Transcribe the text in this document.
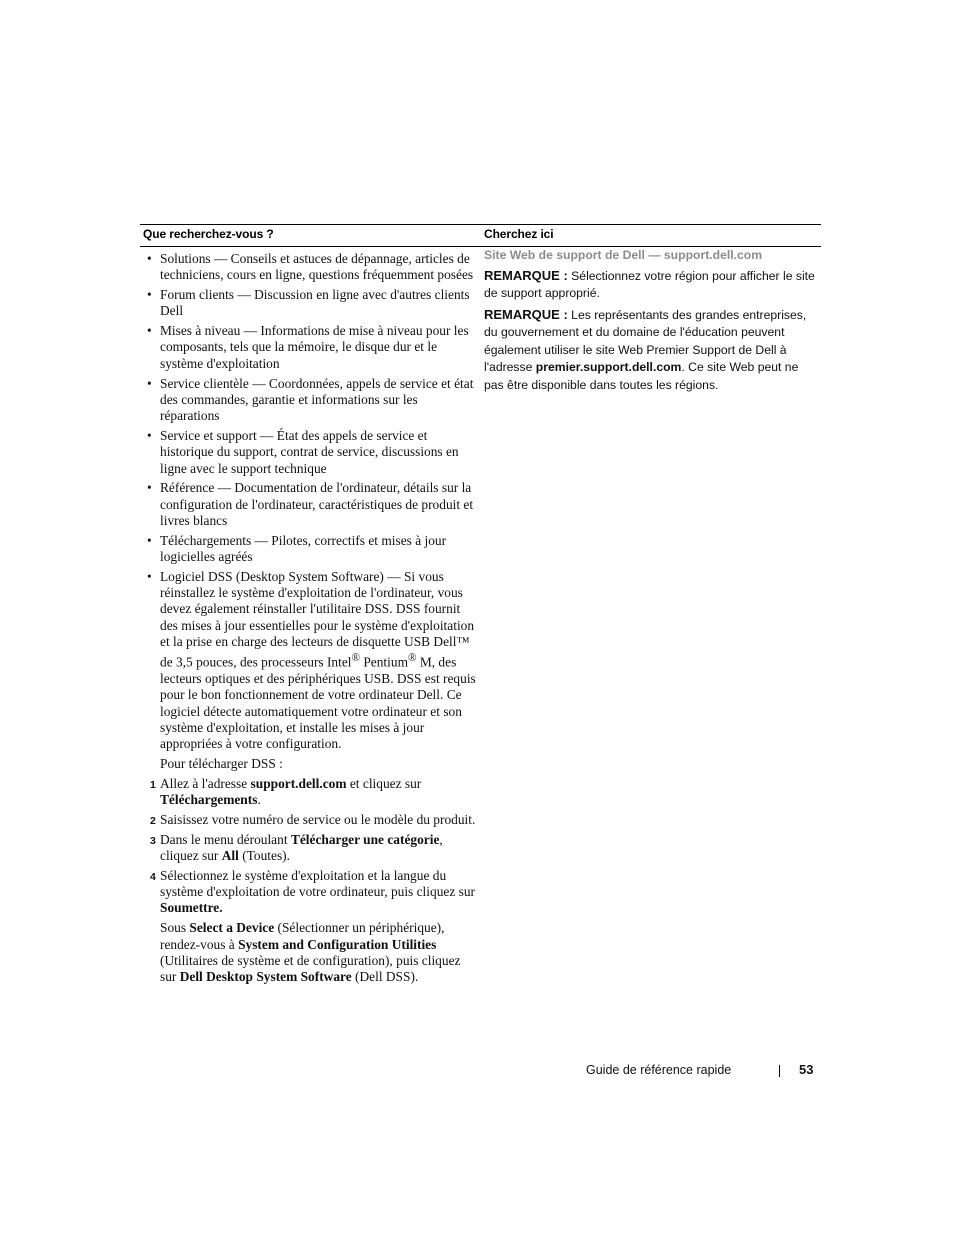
Que recherchez-vous ?	Cherchez ici
• Solutions — Conseils et astuces de dépannage, articles de techniciens, cours en ligne, questions fréquemment posées
• Forum clients — Discussion en ligne avec d'autres clients Dell
• Mises à niveau — Informations de mise à niveau pour les composants, tels que la mémoire, le disque dur et le système d'exploitation
• Service clientèle — Coordonnées, appels de service et état des commandes, garantie et informations sur les réparations
• Service et support — État des appels de service et historique du support, contrat de service, discussions en ligne avec le support technique
• Référence — Documentation de l'ordinateur, détails sur la configuration de l'ordinateur, caractéristiques de produit et livres blancs
• Téléchargements — Pilotes, correctifs et mises à jour logicielles agréés
• Logiciel DSS (Desktop System Software) — Si vous réinstallez le système d'exploitation de l'ordinateur, vous devez également réinstaller l'utilitaire DSS. DSS fournit des mises à jour essentielles pour le système d'exploitation et la prise en charge des lecteurs de disquette USB Dell™ de 3,5 pouces, des processeurs Intel® Pentium® M, des lecteurs optiques et des périphériques USB. DSS est requis pour le bon fonctionnement de votre ordinateur Dell. Ce logiciel détecte automatiquement votre ordinateur et son système d'exploitation, et installe les mises à jour appropriées à votre configuration.

Pour télécharger DSS :

1 Allez à l'adresse support.dell.com et cliquez sur Téléchargements.
2 Saisissez votre numéro de service ou le modèle du produit.
3 Dans le menu déroulant Télécharger une catégorie, cliquez sur All (Toutes).
4 Sélectionnez le système d'exploitation et la langue du système d'exploitation de votre ordinateur, puis cliquez sur Soumettre.

Sous Select a Device (Sélectionner un périphérique), rendez-vous à System and Configuration Utilities (Utilitaires de système et de configuration), puis cliquez sur Dell Desktop System Software (Dell DSS).

Site Web de support de Dell — support.dell.com

REMARQUE : Sélectionnez votre région pour afficher le site de support approprié.

REMARQUE : Les représentants des grandes entreprises, du gouvernement et du domaine de l'éducation peuvent également utiliser le site Web Premier Support de Dell à l'adresse premier.support.dell.com. Ce site Web peut ne pas être disponible dans toutes les régions.

Guide de référence rapide	53
